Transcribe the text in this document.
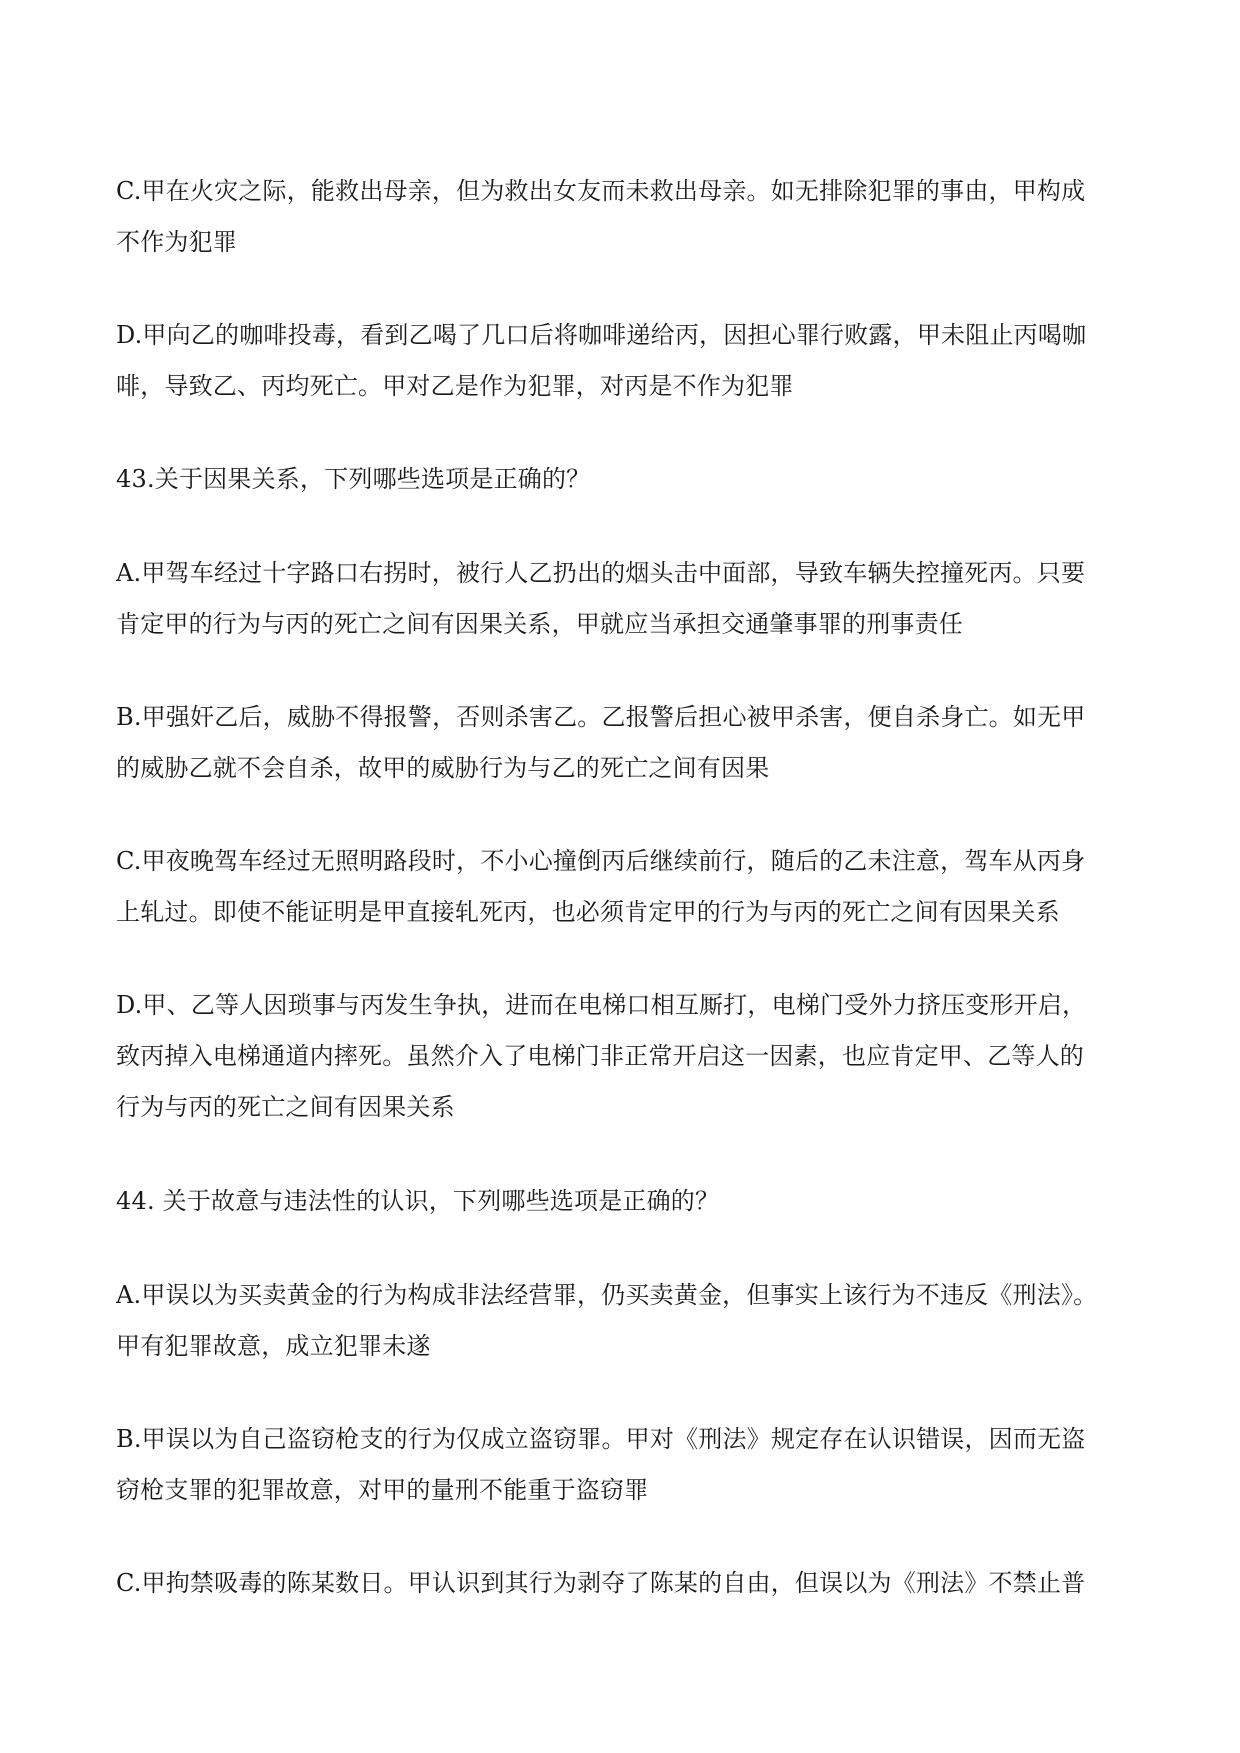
C.甲在火灾之际，能救出母亲，但为救出女友而未救出母亲。如无排除犯罪的事由，甲构成
不作为犯罪
D.甲向乙的咖啡投毒，看到乙喝了几口后将咖啡递给丙，因担心罪行败露，甲未阻止丙喝咖
啡，导致乙、丙均死亡。甲对乙是作为犯罪，对丙是不作为犯罪
43.关于因果关系，下列哪些选项是正确的？
A.甲驾车经过十字路口右拐时，被行人乙扔出的烟头击中面部，导致车辆失控撞死丙。只要
肯定甲的行为与丙的死亡之间有因果关系，甲就应当承担交通肇事罪的刑事责任
B.甲强奸乙后，威胁不得报警，否则杀害乙。乙报警后担心被甲杀害，便自杀身亡。如无甲
的威胁乙就不会自杀，故甲的威胁行为与乙的死亡之间有因果
C.甲夜晚驾车经过无照明路段时，不小心撞倒丙后继续前行，随后的乙未注意，驾车从丙身
上轧过。即使不能证明是甲直接轧死丙，也必须肯定甲的行为与丙的死亡之间有因果关系
D.甲、乙等人因琐事与丙发生争执，进而在电梯口相互厮打，电梯门受外力挤压变形开启，
致丙掉入电梯通道内摔死。虽然介入了电梯门非正常开启这一因素，也应肯定甲、乙等人的
行为与丙的死亡之间有因果关系
44. 关于故意与违法性的认识，下列哪些选项是正确的？
A.甲误以为买卖黄金的行为构成非法经营罪，仍买卖黄金，但事实上该行为不违反《刑法》。
甲有犯罪故意，成立犯罪未遂
B.甲误以为自己盗窃枪支的行为仅成立盗窃罪。甲对《刑法》规定存在认识错误，因而无盗
窃枪支罪的犯罪故意，对甲的量刑不能重于盗窃罪
C.甲拘禁吸毒的陈某数日。甲认识到其行为剥夺了陈某的自由，但误以为《刑法》不禁止普
